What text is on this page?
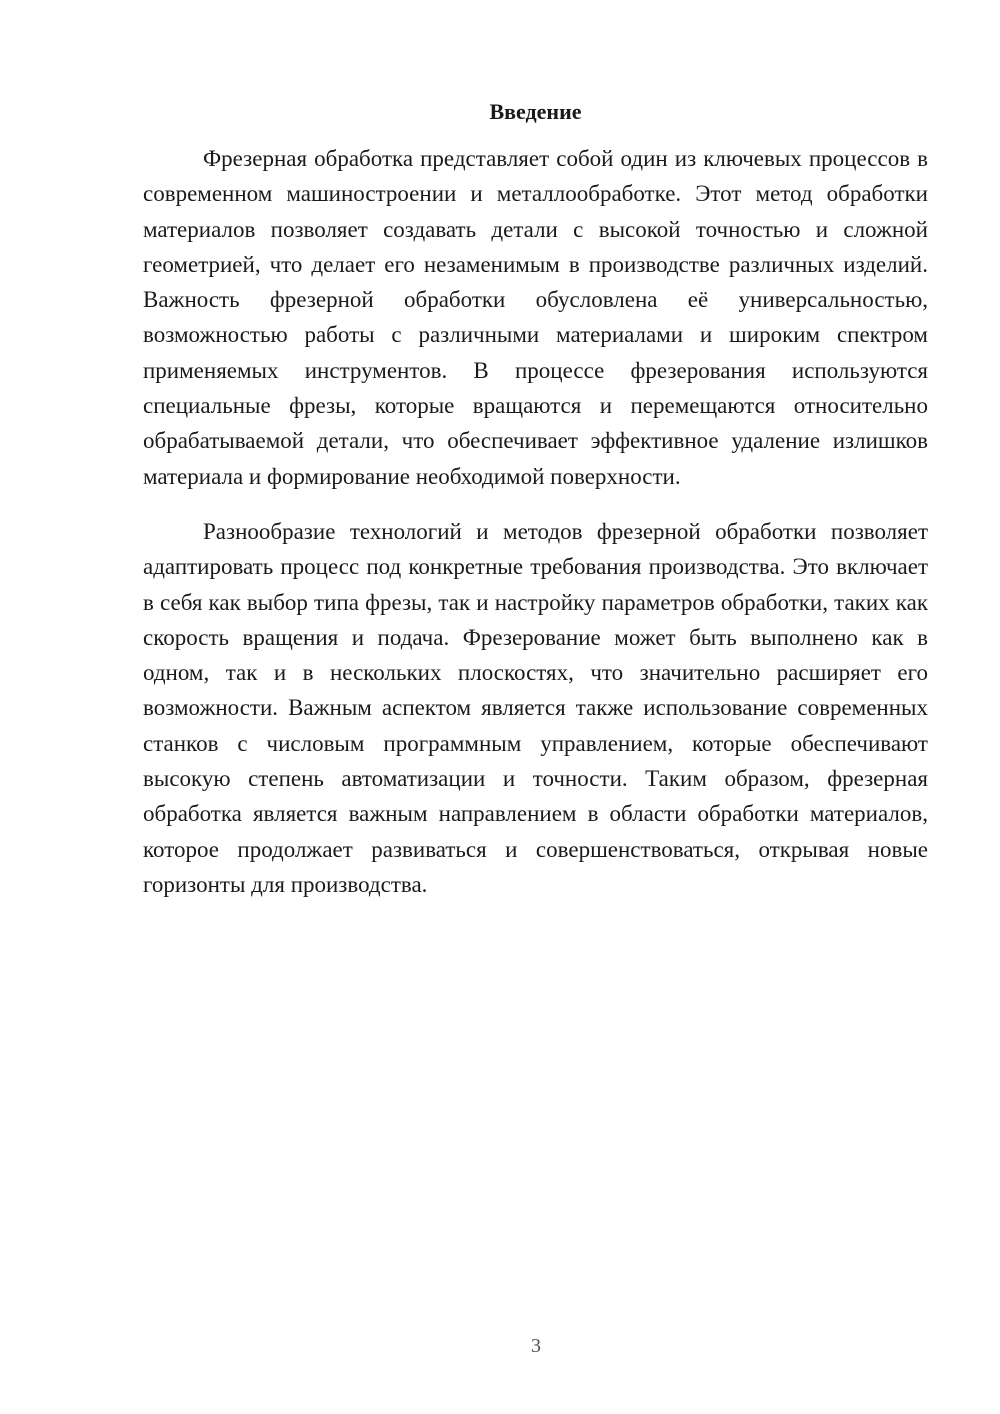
Введение

Фрезерная обработка представляет собой один из ключевых процессов в современном машиностроении и металлообработке. Этот метод обработки материалов позволяет создавать детали с высокой точностью и сложной геометрией, что делает его незаменимым в производстве различных изделий. Важность фрезерной обработки обусловлена её универсальностью, возможностью работы с различными материалами и широким спектром применяемых инструментов. В процессе фрезерования используются специальные фрезы, которые вращаются и перемещаются относительно обрабатываемой детали, что обеспечивает эффективное удаление излишков материала и формирование необходимой поверхности.

Разнообразие технологий и методов фрезерной обработки позволяет адаптировать процесс под конкретные требования производства. Это включает в себя как выбор типа фрезы, так и настройку параметров обработки, таких как скорость вращения и подача. Фрезерование может быть выполнено как в одном, так и в нескольких плоскостях, что значительно расширяет его возможности. Важным аспектом является также использование современных станков с числовым программным управлением, которые обеспечивают высокую степень автоматизации и точности. Таким образом, фрезерная обработка является важным направлением в области обработки материалов, которое продолжает развиваться и совершенствоваться, открывая новые горизонты для производства.

3
